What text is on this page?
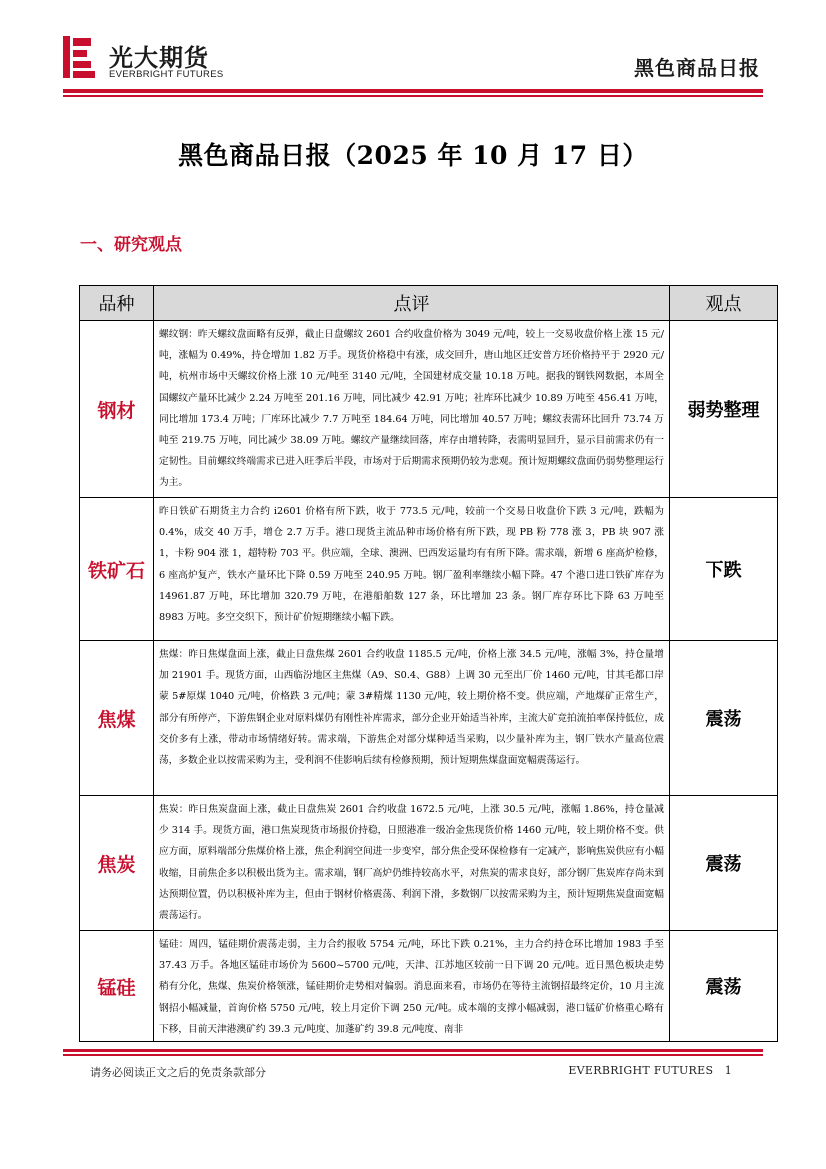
光大期货
EVERBRIGHT FUTURES	黑色商品日报
黑色商品日报（2025 年 10 月 17 日）
一、研究观点
品种	点评	观点
钢材	螺纹钢：昨天螺纹盘面略有反弹，截止日盘螺纹 2601 合约收盘价格为 3049 元/吨，较上一交易收盘价格上涨 15 元/吨，涨幅为 0.49%，持仓增加 1.82 万手。现货价格稳中有涨，成交回升，唐山地区迁安普方坯价格持平于 2920 元/吨，杭州市场中天螺纹价格上涨 10 元/吨至 3140 元/吨，全国建材成交量 10.18 万吨。据我的钢铁网数据，本周全国螺纹产量环比减少 2.24 万吨至 201.16 万吨，同比减少 42.91 万吨；社库环比减少 10.89 万吨至 456.41 万吨，同比增加 173.4 万吨；厂库环比减少 7.7 万吨至 184.64 万吨，同比增加 40.57 万吨；螺纹表需环比回升 73.74 万吨至 219.75 万吨，同比减少 38.09 万吨。螺纹产量继续回落，库存由增转降，表需明显回升，显示目前需求仍有一定韧性。目前螺纹终端需求已进入旺季后半段，市场对于后期需求预期仍较为悲观。预计短期螺纹盘面仍弱势整理运行为主。	弱势整理
铁矿石	昨日铁矿石期货主力合约 i2601 价格有所下跌，收于 773.5 元/吨，较前一个交易日收盘价下跌 3 元/吨，跌幅为 0.4%，成交 40 万手，增仓 2.7 万手。港口现货主流品种市场价格有所下跌，现 PB 粉 778 涨 3，PB 块 907 涨 1，卡粉 904 涨 1，超特粉 703 平。供应端，全球、澳洲、巴西发运量均有有所下降。需求端，新增 6 座高炉检修，6 座高炉复产，铁水产量环比下降 0.59 万吨至 240.95 万吨。钢厂盈利率继续小幅下降。47 个港口进口铁矿库存为 14961.87 万吨，环比增加 320.79 万吨，在港船舶数 127 条，环比增加 23 条。钢厂库存环比下降 63 万吨至 8983 万吨。多空交织下，预计矿价短期继续小幅下跌。	下跌
焦煤	焦煤：昨日焦煤盘面上涨，截止日盘焦煤 2601 合约收盘 1185.5 元/吨，价格上涨 34.5 元/吨，涨幅 3%，持仓量增加 21901 手。现货方面，山西临汾地区主焦煤（A9、S0.4、G88）上调 30 元至出厂价 1460 元/吨，甘其毛都口岸蒙 5#原煤 1040 元/吨，价格跌 3 元/吨；蒙 3#精煤 1130 元/吨，较上期价格不变。供应端，产地煤矿正常生产，部分有所停产，下游焦钢企业对原料煤仍有刚性补库需求，部分企业开始适当补库，主流大矿竞拍流拍率保持低位，成交价多有上涨，带动市场情绪好转。需求端，下游焦企对部分煤种适当采购，以少量补库为主，钢厂铁水产量高位震荡，多数企业以按需采购为主，受利润不佳影响后续有检修预期，预计短期焦煤盘面宽幅震荡运行。	震荡
焦炭	焦炭：昨日焦炭盘面上涨，截止日盘焦炭 2601 合约收盘 1672.5 元/吨，上涨 30.5 元/吨，涨幅 1.86%，持仓量减少 314 手。现货方面，港口焦炭现货市场报价持稳，日照港准一级冶金焦现货价格 1460 元/吨，较上期价格不变。供应方面，原料端部分焦煤价格上涨，焦企利润空间进一步变窄，部分焦企受环保检修有一定减产，影响焦炭供应有小幅收缩，目前焦企多以积极出货为主。需求端，钢厂高炉仍维持较高水平，对焦炭的需求良好，部分钢厂焦炭库存尚未到达预期位置，仍以积极补库为主，但由于钢材价格震荡、利润下滑，多数钢厂以按需采购为主，预计短期焦炭盘面宽幅震荡运行。	震荡
锰硅	锰硅：周四，锰硅期价震荡走弱，主力合约报收 5754 元/吨，环比下跌 0.21%，主力合约持仓环比增加 1983 手至 37.43 万手。各地区锰硅市场价为 5600~5700 元/吨，天津、江苏地区较前一日下调 20 元/吨。近日黑色板块走势稍有分化，焦煤、焦炭价格领涨，锰硅期价走势相对偏弱。消息面来看，市场仍在等待主流钢招最终定价，10 月主流钢招小幅减量，首询价格 5750 元/吨，较上月定价下调 250 元/吨。成本端的支撑小幅减弱，港口锰矿价格重心略有下移，目前天津港澳矿约 39.3 元/吨度、加蓬矿约 39.8 元/吨度、南非	震荡
请务必阅读正文之后的免责条款部分	EVERBRIGHT FUTURES 1
